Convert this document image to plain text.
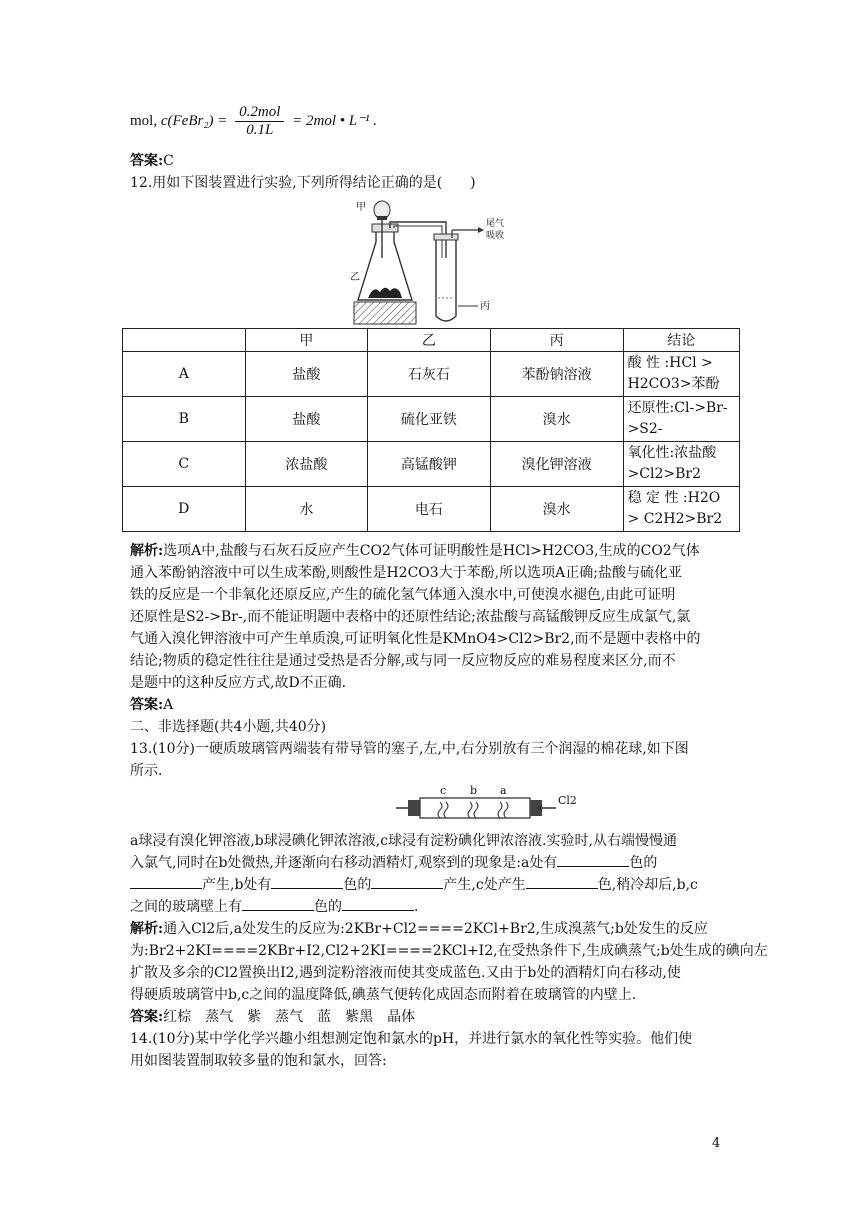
mol, c(FeBr₂) = $\frac{\text{0.2mol}}{0.1L} = 2mol$ • L⁻¹ .
答案:C
12.用如下图装置进行实验,下列所得结论正确的是(　　)
甲
乙
丙
尾气
吸收
	甲	乙	丙	结论
A	盐酸	石灰石	苯酚钠溶液	酸 性 :HCl > H2CO3>苯酚
B	盐酸	硫化亚铁	溴水	还原性:Cl->Br->S2-
C	浓盐酸	高锰酸钾	溴化钾溶液	氧化性:浓盐酸>Cl2>Br2
D	水	电石	溴水	稳 定 性 :H2O > C2H2>Br2
解析:选项A中,盐酸与石灰石反应产生CO2气体可证明酸性是HCl>H2CO3,生成的CO2气体
通入苯酚钠溶液中可以生成苯酚,则酸性是H2CO3大于苯酚,所以选项A正确;盐酸与硫化亚
铁的反应是一个非氧化还原反应,产生的硫化氢气体通入溴水中,可使溴水褪色,由此可证明
还原性是S2->Br-,而不能证明题中表格中的还原性结论;浓盐酸与高锰酸钾反应生成氯气,氯
气通入溴化钾溶液中可产生单质溴,可证明氧化性是KMnO4>Cl2>Br2,而不是题中表格中的
结论;物质的稳定性往往是通过受热是否分解,或与同一反应物反应的难易程度来区分,而不
是题中的这种反应方式,故D不正确.
答案:A
二、非选择题(共4小题,共40分)
13.(10分)一硬质玻璃管两端装有带导管的塞子,左,中,右分别放有三个润湿的棉花球,如下图
所示.
c b a
Cl2
a球浸有溴化钾溶液,b球浸碘化钾浓溶液,c球浸有淀粉碘化钾浓溶液.实验时,从右端慢慢通
入氯气,同时在b处微热,并逐渐向右移动酒精灯,观察到的现象是:a处有	色的
产生,b处有	色的	产生,c处产生	色,稍冷却后,b,c
之间的玻璃壁上有	色的	.
解析:通入Cl2后,a处发生的反应为:2KBr+Cl2====2KCl+Br2,生成溴蒸气;b处发生的反应
为:Br2+2KI====2KBr+I2,Cl2+2KI====2KCl+I2,在受热条件下,生成碘蒸气;b处生成的碘向左
扩散及多余的Cl2置换出I2,遇到淀粉溶液而使其变成蓝色.又由于b处的酒精灯向右移动,使
得硬质玻璃管中b,c之间的温度降低,碘蒸气便转化成固态而附着在玻璃管的内壁上.
答案:红棕　蒸气　紫　蒸气　蓝　紫黑　晶体
14.(10分)某中学化学兴趣小组想测定饱和氯水的pH，并进行氯水的氧化性等实验。他们使
用如图装置制取较多量的饱和氯水，回答:
4
